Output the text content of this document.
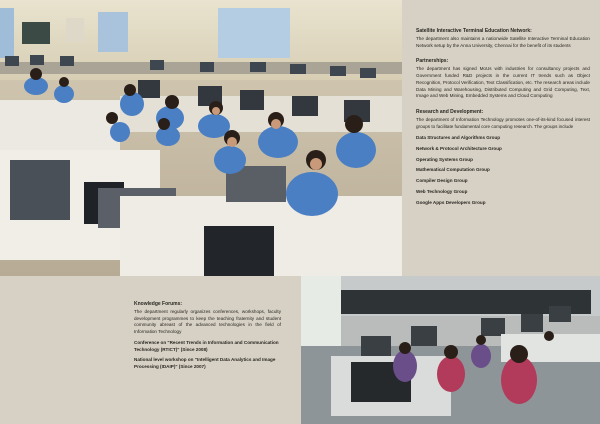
Satellite Interactive Terminal Education Network:

The department also maintains a nationwide Satellite Interactive Terminal Education Network setup by the Anna University, Chennai for the benefit of its students

Partnerships:

The department has signed MoUs with industries for consultancy projects and Government funded R&D projects in the current IT trends such as Object Recognition, Protocol Verification, Text Classification, etc. The research areas include Data Mining and Warehousing, Distributed Computing and Grid Computing, Text, Image and Web Mining, Embedded Systems and Cloud Computing

Research and Development:

The department of Information Technology promotes one-of-its-kind focused interest groups to facilitate fundamental core computing research. The groups include

Data Structures and Algorithms Group
Network & Protocol Architecture Group
Operating Systems Group
Mathematical Computation Group
Compiler Design Group
Web Technology Group
Google Apps Developers Group

Knowledge Forums:

The department regularly organizes conferences, workshops, faculty development programmes to keep the teaching fraternity and student community abreast of the advanced technologies in the field of Information Technology

Conference on "Recent Trends in Information and Communication Technology (RTICT)" (Since 2008)

National level workshop on "Intelligent Data Analytics and Image Processing (IDAIP)" (Since 2007)
